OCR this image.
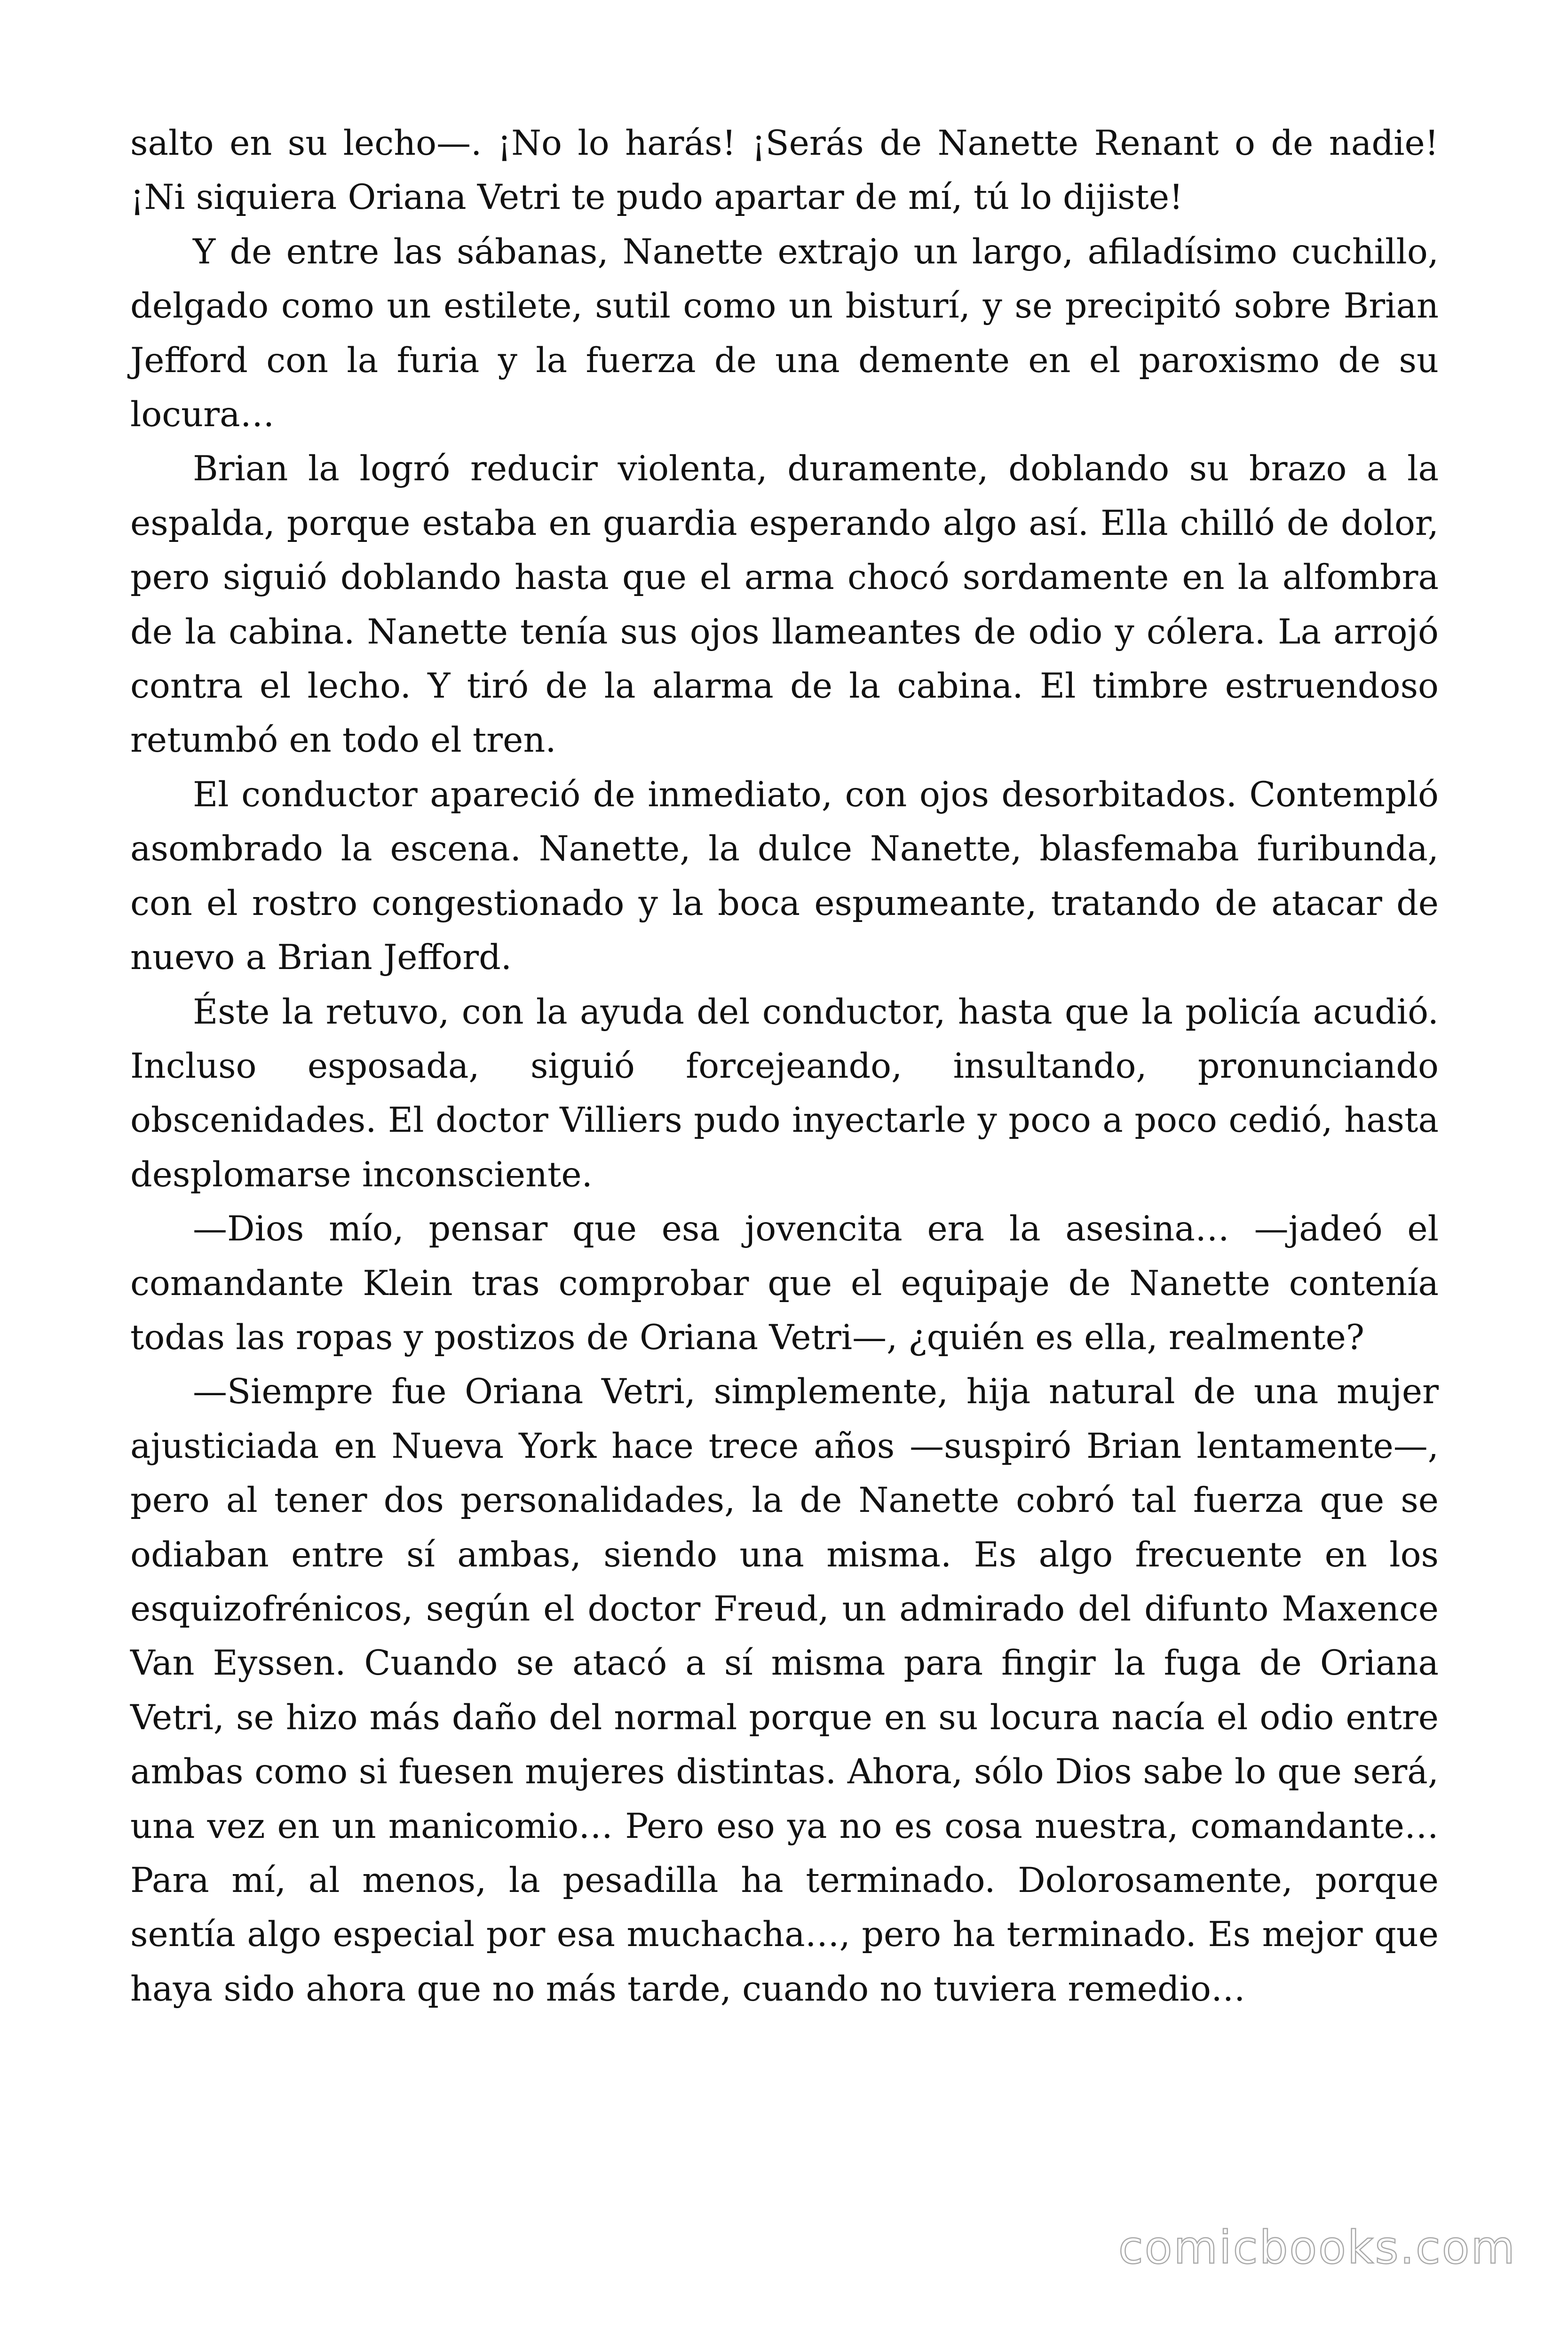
salto en su lecho—. ¡No lo harás! ¡Serás de Nanette Renant o de nadie! ¡Ni siquiera Oriana Vetri te pudo apartar de mí, tú lo dijiste!

Y de entre las sábanas, Nanette extrajo un largo, afiladísimo cuchillo, delgado como un estilete, sutil como un bisturí, y se precipitó sobre Brian Jefford con la furia y la fuerza de una demente en el paroxismo de su locura…

Brian la logró reducir violenta, duramente, doblando su brazo a la espalda, porque estaba en guardia esperando algo así. Ella chilló de dolor, pero siguió doblando hasta que el arma chocó sordamente en la alfombra de la cabina. Nanette tenía sus ojos llameantes de odio y cólera. La arrojó contra el lecho. Y tiró de la alarma de la cabina. El timbre estruendoso retumbó en todo el tren.

El conductor apareció de inmediato, con ojos desorbitados. Contempló asombrado la escena. Nanette, la dulce Nanette, blasfemaba furibunda, con el rostro congestionado y la boca espumeante, tratando de atacar de nuevo a Brian Jefford.

Éste la retuvo, con la ayuda del conductor, hasta que la policía acudió. Incluso esposada, siguió forcejeando, insultando, pronunciando obscenidades. El doctor Villiers pudo inyectarle y poco a poco cedió, hasta desplomarse inconsciente.

—Dios mío, pensar que esa jovencita era la asesina… —jadeó el comandante Klein tras comprobar que el equipaje de Nanette contenía todas las ropas y postizos de Oriana Vetri—, ¿quién es ella, realmente?

—Siempre fue Oriana Vetri, simplemente, hija natural de una mujer ajusticiada en Nueva York hace trece años —suspiró Brian lentamente—, pero al tener dos personalidades, la de Nanette cobró tal fuerza que se odiaban entre sí ambas, siendo una misma. Es algo frecuente en los esquizofrénicos, según el doctor Freud, un admirado del difunto Maxence Van Eyssen. Cuando se atacó a sí misma para fingir la fuga de Oriana Vetri, se hizo más daño del normal porque en su locura nacía el odio entre ambas como si fuesen mujeres distintas. Ahora, sólo Dios sabe lo que será, una vez en un manicomio… Pero eso ya no es cosa nuestra, comandante… Para mí, al menos, la pesadilla ha terminado. Dolorosamente, porque sentía algo especial por esa muchacha…, pero ha terminado. Es mejor que haya sido ahora que no más tarde, cuando no tuviera remedio…

comicbooks.com
